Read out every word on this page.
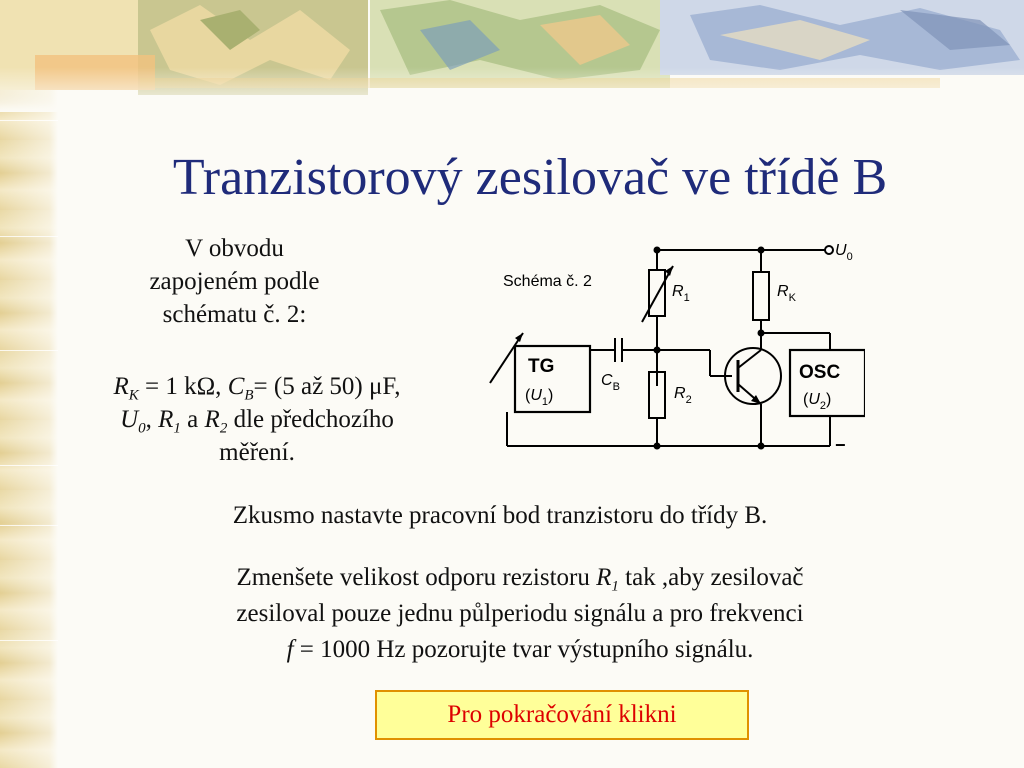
Tranzistorový zesilovač ve třídě B
V obvodu
zapojeném podle
schématu č. 2:
$R_K = 1$ kΩ, $C_B= (5$ až 50) μF,
$U_0$, $R_1$ a $R_2$ dle předchozího
měření.
Zkusmo nastavte pracovní bod tranzistoru do třídy B.
Zmenšete velikost odporu rezistoru $R_1$ tak ,aby zesilovač
zesiloval pouze jednu půlperiodu signálu a pro frekvenci
f = 1000 Hz pozorujte tvar výstupního signálu.
Pro pokračování klikni
Schéma č. 2
$R_1$
$R_2$
$R_K$
$C_B$
$U_0$
TG
$(U_1)$
OSC
$(U_2)$
−
